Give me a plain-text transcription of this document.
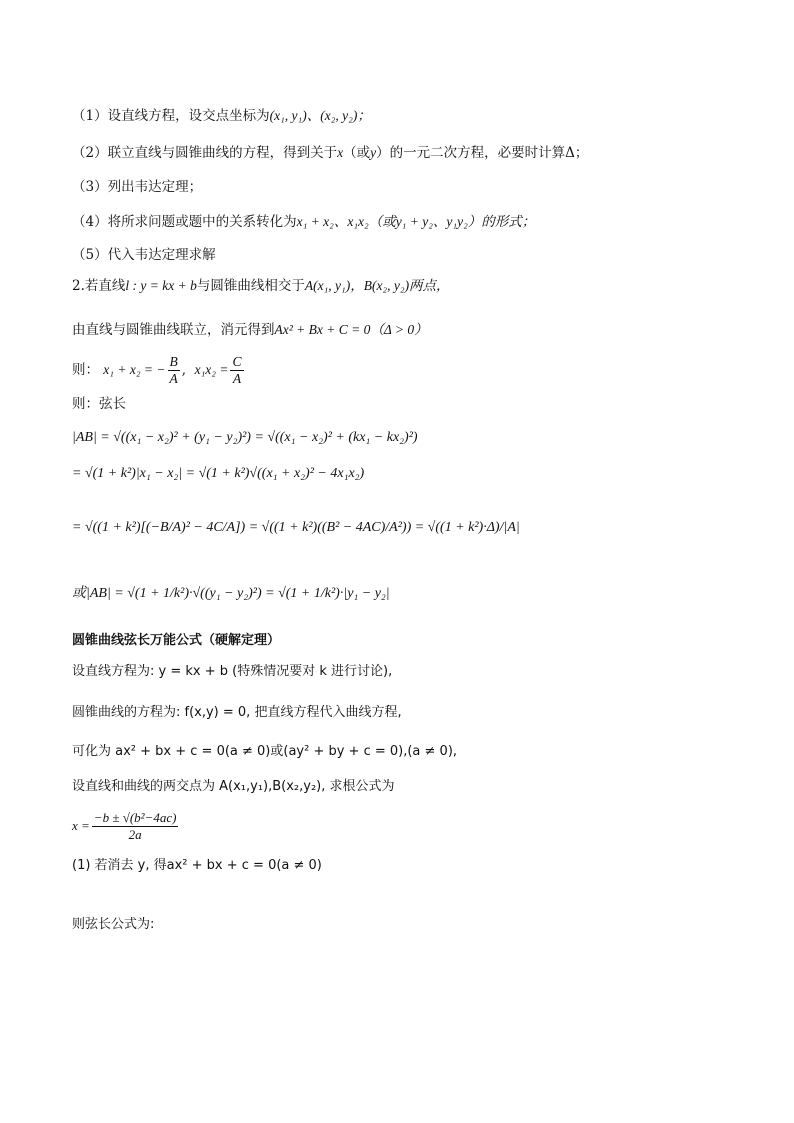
（1）设直线方程，设交点坐标为(x₁, y₁)、(x₂, y₂)；
（2）联立直线与圆锥曲线的方程，得到关于x（或y）的一元二次方程，必要时计算Δ；
（3）列出韦达定理；
（4）将所求问题或题中的关系转化为x₁ + x₂、x₁x₂（或y₁ + y₂、y₁y₂）的形式；
（5）代入韦达定理求解
2.若直线l : y = kx + b与圆锥曲线相交于A(x₁, y₁)，B(x₂, y₂)两点，
由直线与圆锥曲线联立，消元得到Ax² + Bx + C = 0（Δ > 0）
则： x₁ + x₂ = − $\frac{B}{A}$ ,  $x_1x_2 = \frac{C}{A}$
则：弦长
|AB| = √((x₁ − x₂)² + (y₁ − y₂)²) = √((x₁ − x₂)² + (kx₁ − kx₂)²)
= √(1 + k²)|x₁ − x₂| = √(1 + k²)√((x₁ + x₂)² − 4x₁x₂)
= √((1 + k²)[(−B/A)² − 4C/A]) = √((1 + k²)((B² − 4AC)/A²)) = √((1 + k²)·Δ)/|A|
或|AB| = √(1 + 1/k²)·√((y₁ − y₂)²) = √(1 + 1/k²)·|y₁ − y₂|
圆锥曲线弦长万能公式（硬解定理）
设直线方程为: y = kx + b (特殊情况要对 k 进行讨论),
圆锥曲线的方程为: f(x,y) = 0, 把直线方程代入曲线方程,
可化为 ax² + bx + c = 0(a ≠ 0)或(ay² + by + c = 0),(a ≠ 0),
设直线和曲线的两交点为 A(x₁,y₁),B(x₂,y₂), 求根公式为
$x = \frac{\text{−b ± √(b²−4ac)}}{2a}$
(1) 若消去 y, 得ax² + bx + c = 0(a ≠ 0)
则弦长公式为:
